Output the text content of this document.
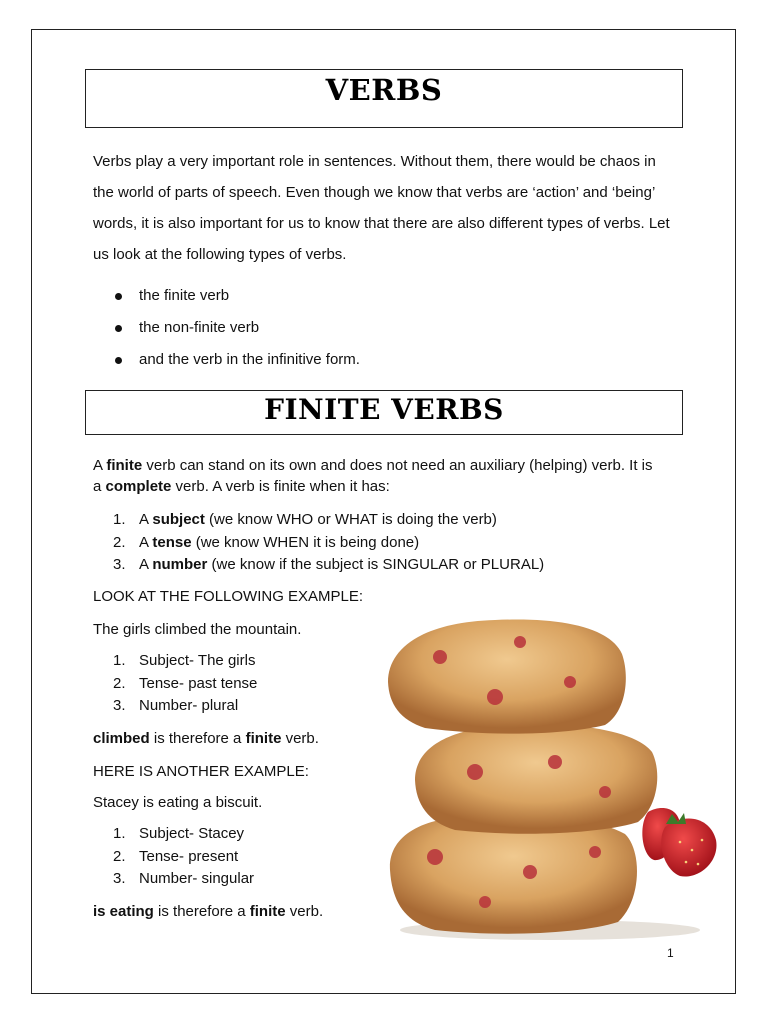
VERBS

Verbs play a very important role in sentences. Without them, there would be chaos in the world of parts of speech. Even though we know that verbs are ‘action’ and ‘being’ words, it is also important for us to know that there are also different types of verbs. Let us look at the following types of verbs.

the finite verb
the non-finite verb
and the verb in the infinitive form.
FINITE VERBS

A finite verb can stand on its own and does not need an auxiliary (helping) verb. It is a complete verb. A verb is finite when it has:

1. A subject (we know WHO or WHAT is doing the verb)
2. A tense (we know WHEN it is being done)
3. A number (we know if the subject is SINGULAR or PLURAL)

LOOK AT THE FOLLOWING EXAMPLE:

The girls climbed the mountain.

1. Subject- The girls
2. Tense- past tense
3. Number- plural

climbed is therefore a finite verb.

HERE IS ANOTHER EXAMPLE:

Stacey is eating a biscuit.

1. Subject- Stacey
2. Tense- present
3. Number- singular

is eating is therefore a finite verb.

1
